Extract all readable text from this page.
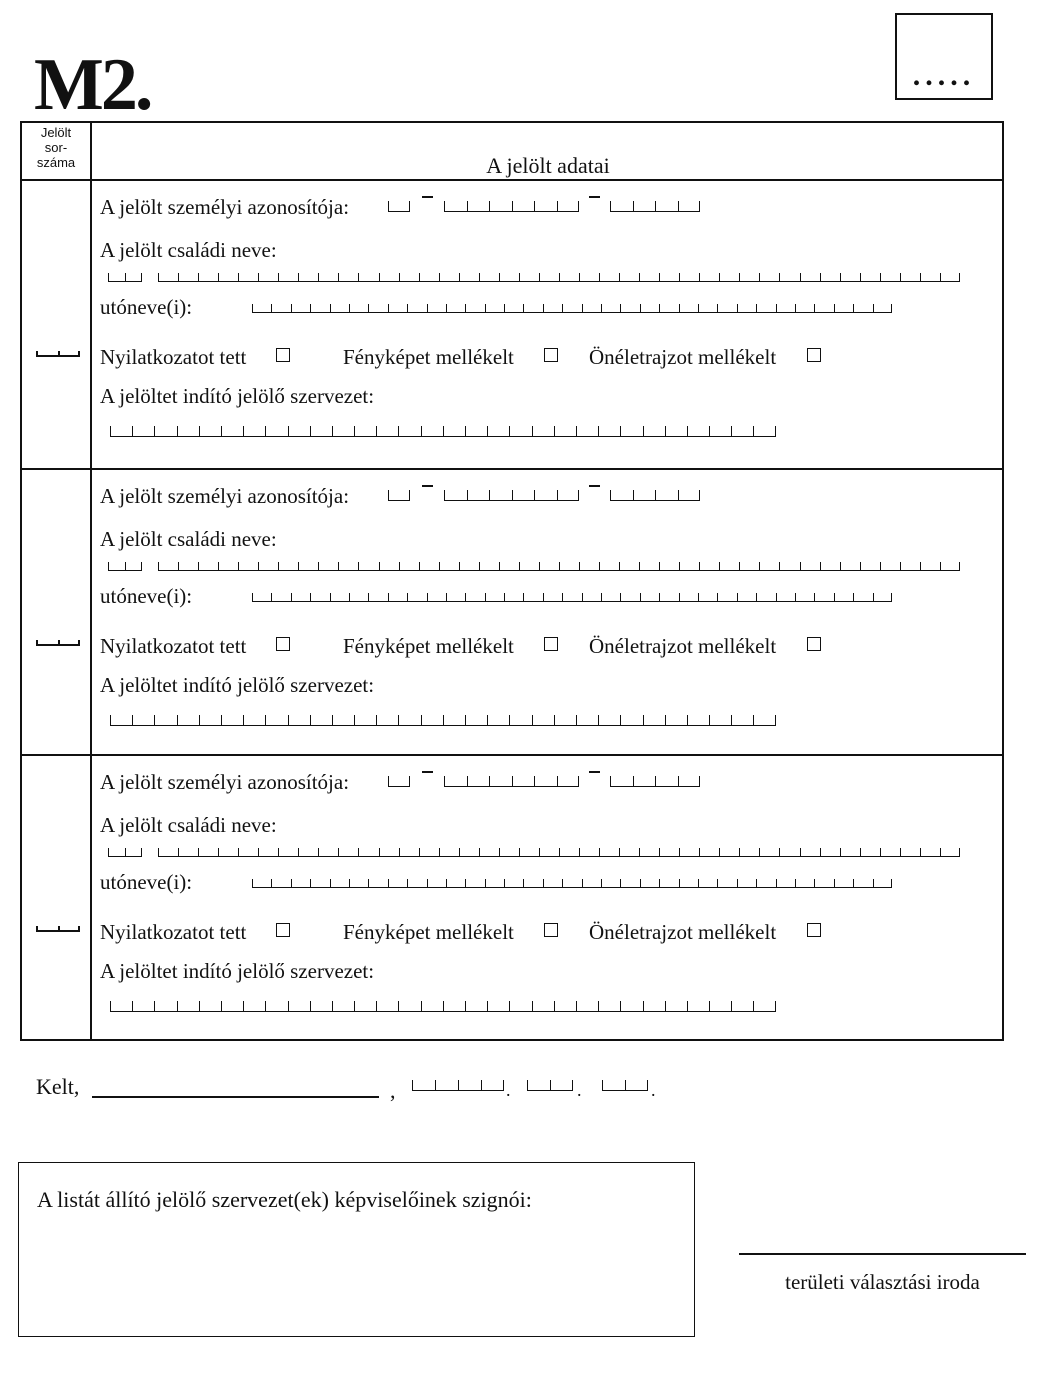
M2.	.....
Jelölt
sor-
száma	A jelölt adatai
A jelölt személyi azonosítója:
A jelölt családi neve:
utóneve(i):
Nyilatkozatot tett	Fényképet mellékelt	Önéletrajzot mellékelt
A jelöltet indító jelölő szervezet:
A jelölt személyi azonosítója:
A jelölt családi neve:
utóneve(i):
Nyilatkozatot tett	Fényképet mellékelt	Önéletrajzot mellékelt
A jelöltet indító jelölő szervezet:
A jelölt személyi azonosítója:
A jelölt családi neve:
utóneve(i):
Nyilatkozatot tett	Fényképet mellékelt	Önéletrajzot mellékelt
A jelöltet indító jelölő szervezet:
Kelt,	,	.	.	.
A listát állító jelölő szervezet(ek) képviselőinek szignói:
területi választási iroda
